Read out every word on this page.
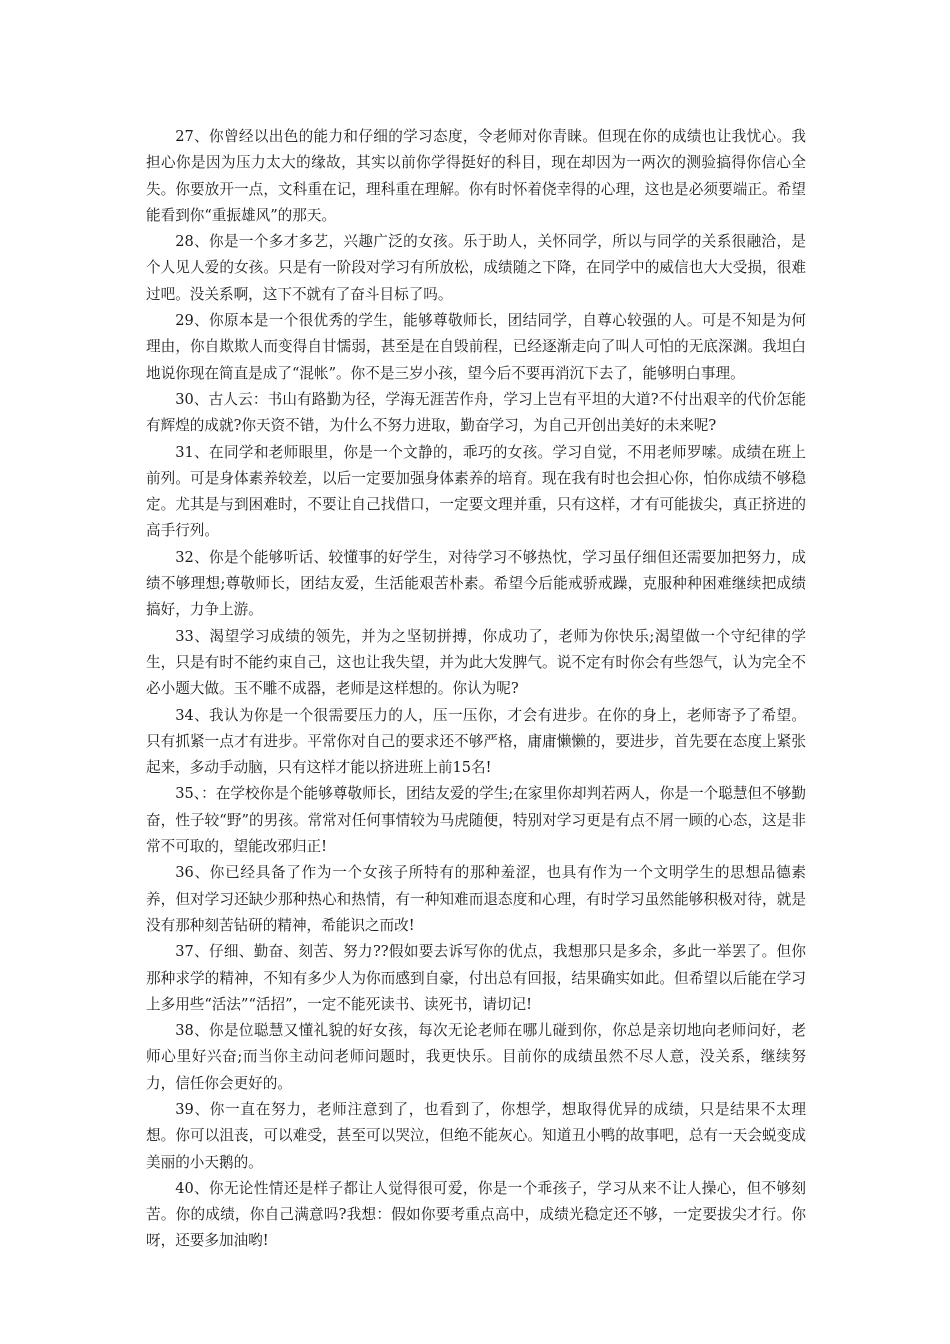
27、你曾经以出色的能力和仔细的学习态度，令老师对你青睐。但现在你的成绩也让我忧心。我担心你是因为压力太大的缘故，其实以前你学得挺好的科目，现在却因为一两次的测验搞得你信心全失。你要放开一点，文科重在记，理科重在理解。你有时怀着侥幸得的心理，这也是必须要端正。希望能看到你“重振雄风”的那天。

28、你是一个多才多艺，兴趣广泛的女孩。乐于助人，关怀同学，所以与同学的关系很融洽，是个人见人爱的女孩。只是有一阶段对学习有所放松，成绩随之下降，在同学中的威信也大大受损，很难过吧。没关系啊，这下不就有了奋斗目标了吗。

29、你原本是一个很优秀的学生，能够尊敬师长，团结同学，自尊心较强的人。可是不知是为何理由，你自欺欺人而变得自甘懦弱，甚至是在自毁前程，已经逐渐走向了叫人可怕的无底深渊。我坦白地说你现在简直是成了“混帐”。你不是三岁小孩，望今后不要再消沉下去了，能够明白事理。

30、古人云：书山有路勤为径，学海无涯苦作舟，学习上岂有平坦的大道?不付出艰辛的代价怎能有辉煌的成就?你天资不错，为什么不努力进取，勤奋学习，为自己开创出美好的未来呢?

31、在同学和老师眼里，你是一个文静的，乖巧的女孩。学习自觉，不用老师罗嗦。成绩在班上前列。可是身体素养较差，以后一定要加强身体素养的培育。现在我有时也会担心你，怕你成绩不够稳定。尤其是与到困难时，不要让自己找借口，一定要文理并重，只有这样，才有可能拔尖，真正挤进的高手行列。

32、你是个能够听话、较懂事的好学生，对待学习不够热忱，学习虽仔细但还需要加把努力，成绩不够理想;尊敬师长，团结友爱，生活能艰苦朴素。希望今后能戒骄戒躁，克服种种困难继续把成绩搞好，力争上游。

33、渴望学习成绩的领先，并为之坚韧拼搏，你成功了，老师为你快乐;渴望做一个守纪律的学生，只是有时不能约束自己，这也让我失望，并为此大发脾气。说不定有时你会有些怨气，认为完全不必小题大做。玉不雕不成器，老师是这样想的。你认为呢?

34、我认为你是一个很需要压力的人，压一压你，才会有进步。在你的身上，老师寄予了希望。只有抓紧一点才有进步。平常你对自己的要求还不够严格，庸庸懒懒的，要进步，首先要在态度上紧张起来，多动手动脑，只有这样才能以挤进班上前15名!

35、：在学校你是个能够尊敬师长，团结友爱的学生;在家里你却判若两人，你是一个聪慧但不够勤奋，性子较“野”的男孩。常常对任何事情较为马虎随便，特别对学习更是有点不屑一顾的心态，这是非常不可取的，望能改邪归正!

36、你已经具备了作为一个女孩子所特有的那种羞涩，也具有作为一个文明学生的思想品德素养，但对学习还缺少那种热心和热情，有一种知难而退态度和心理，有时学习虽然能够积极对待，就是没有那种刻苦钻研的精神，希能识之而改!

37、仔细、勤奋、刻苦、努力??假如要去诉写你的优点，我想那只是多余，多此一举罢了。但你那种求学的精神，不知有多少人为你而感到自豪，付出总有回报，结果确实如此。但希望以后能在学习上多用些“活法”“活招”，一定不能死读书、读死书，请切记!

38、你是位聪慧又懂礼貌的好女孩，每次无论老师在哪儿碰到你，你总是亲切地向老师问好，老师心里好兴奋;而当你主动问老师问题时，我更快乐。目前你的成绩虽然不尽人意，没关系，继续努力，信任你会更好的。

39、你一直在努力，老师注意到了，也看到了，你想学，想取得优异的成绩，只是结果不太理想。你可以沮丧，可以难受，甚至可以哭泣，但绝不能灰心。知道丑小鸭的故事吧，总有一天会蜕变成美丽的小天鹅的。

40、你无论性情还是样子都让人觉得很可爱，你是一个乖孩子，学习从来不让人操心，但不够刻苦。你的成绩，你自己满意吗?我想：假如你要考重点高中，成绩光稳定还不够，一定要拔尖才行。你呀，还要多加油哟!
